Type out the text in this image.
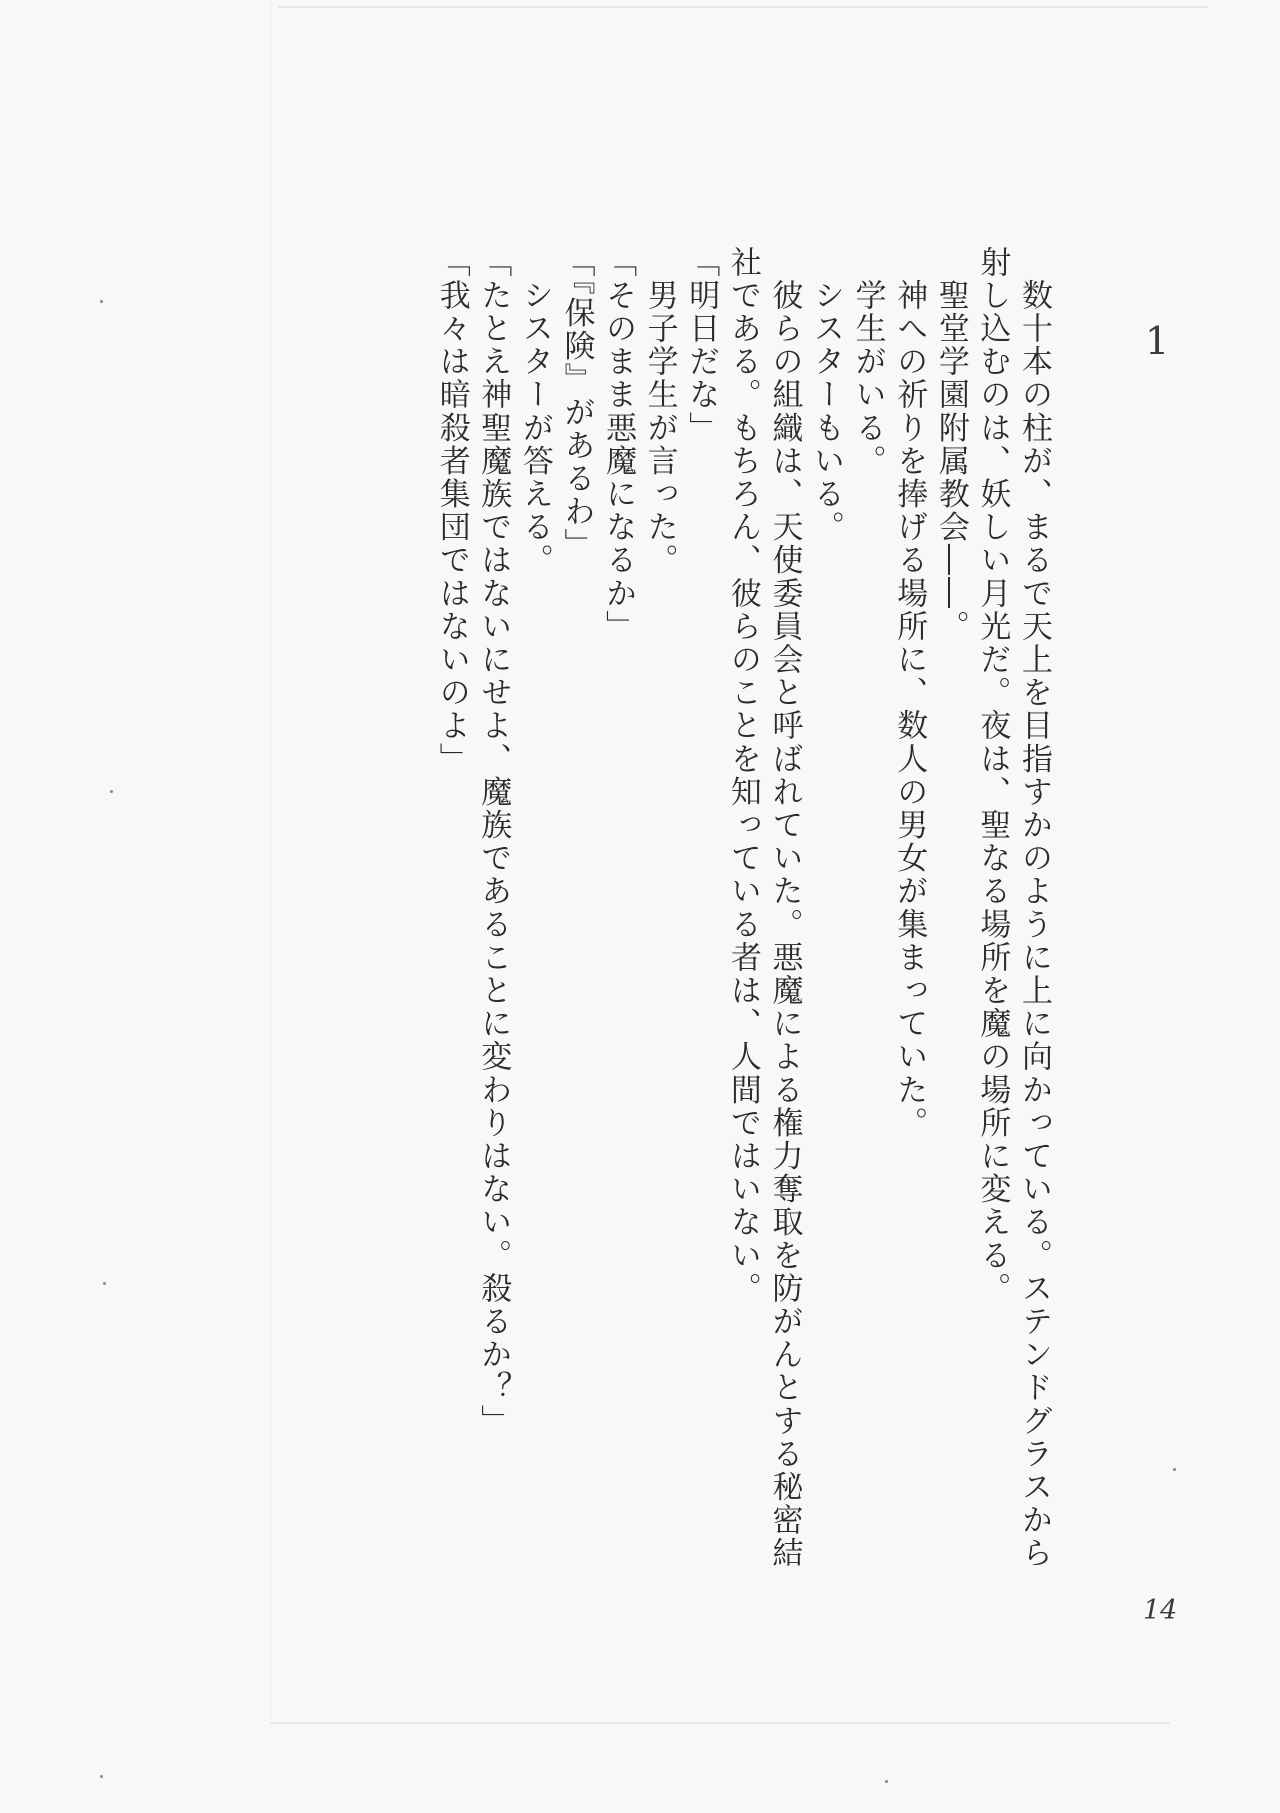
1
　数十本の柱が、まるで天上を目指すかのように上に向かっている。ステンドグラスから
射し込むのは、妖しい月光だ。夜は、聖なる場所を魔の場所に変える。
　聖堂学園附属教会――。
　神への祈りを捧げる場所に、数人の男女が集まっていた。
　学生がいる。
　シスターもいる。
　彼らの組織は、天使委員会と呼ばれていた。悪魔による権力奪取を防がんとする秘密結
社である。もちろん、彼らのことを知っている者は、人間ではいない。
「明日だな」
　男子学生が言った。
「そのまま悪魔になるか」
「『保険』があるわ」
　シスターが答える。
「たとえ神聖魔族ではないにせよ、魔族であることに変わりはない。殺るか？」
「我々は暗殺者集団ではないのよ」
14
